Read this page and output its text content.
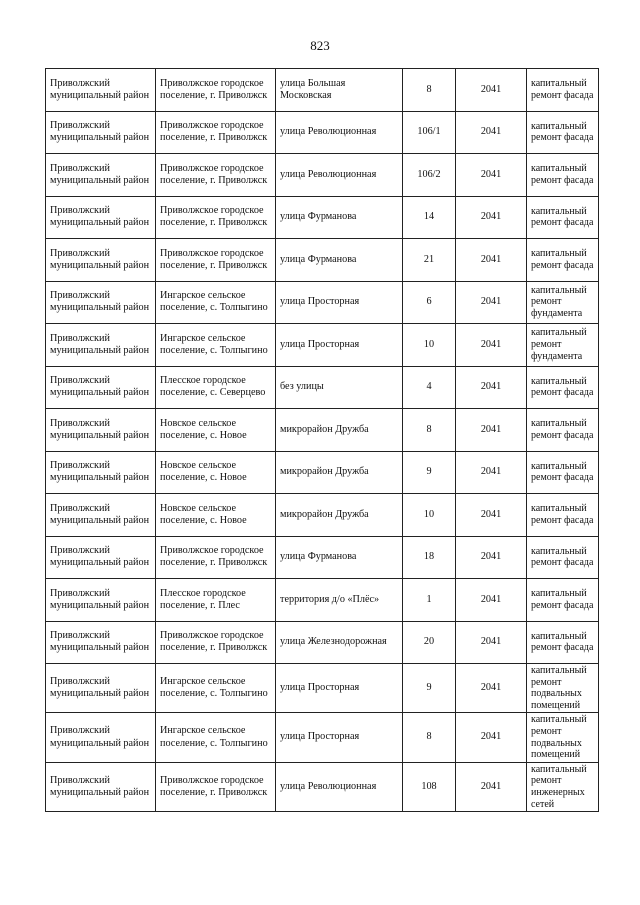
823
Приволжский муниципальный район	Приволжское городское поселение, г. Приволжск	улица Большая Московская	8	2041	капитальный ремонт фасада
Приволжский муниципальный район	Приволжское городское поселение, г. Приволжск	улица Революционная	106/1	2041	капитальный ремонт фасада
Приволжский муниципальный район	Приволжское городское поселение, г. Приволжск	улица Революционная	106/2	2041	капитальный ремонт фасада
Приволжский муниципальный район	Приволжское городское поселение, г. Приволжск	улица Фурманова	14	2041	капитальный ремонт фасада
Приволжский муниципальный район	Приволжское городское поселение, г. Приволжск	улица Фурманова	21	2041	капитальный ремонт фасада
Приволжский муниципальный район	Ингарское сельское поселение, с. Толпыгино	улица Просторная	6	2041	капитальный ремонт фундамента
Приволжский муниципальный район	Ингарское сельское поселение, с. Толпыгино	улица Просторная	10	2041	капитальный ремонт фундамента
Приволжский муниципальный район	Плесское городское поселение, с. Северцево	без улицы	4	2041	капитальный ремонт фасада
Приволжский муниципальный район	Новское сельское поселение, с. Новое	микрорайон Дружба	8	2041	капитальный ремонт фасада
Приволжский муниципальный район	Новское сельское поселение, с. Новое	микрорайон Дружба	9	2041	капитальный ремонт фасада
Приволжский муниципальный район	Новское сельское поселение, с. Новое	микрорайон Дружба	10	2041	капитальный ремонт фасада
Приволжский муниципальный район	Приволжское городское поселение, г. Приволжск	улица Фурманова	18	2041	капитальный ремонт фасада
Приволжский муниципальный район	Плесское городское поселение, г. Плес	территория д/о «Плёс»	1	2041	капитальный ремонт фасада
Приволжский муниципальный район	Приволжское городское поселение, г. Приволжск	улица Железнодорожная	20	2041	капитальный ремонт фасада
Приволжский муниципальный район	Ингарское сельское поселение, с. Толпыгино	улица Просторная	9	2041	капитальный ремонт подвальных помещений
Приволжский муниципальный район	Ингарское сельское поселение, с. Толпыгино	улица Просторная	8	2041	капитальный ремонт подвальных помещений
Приволжский муниципальный район	Приволжское городское поселение, г. Приволжск	улица Революционная	108	2041	капитальный ремонт инженерных сетей
